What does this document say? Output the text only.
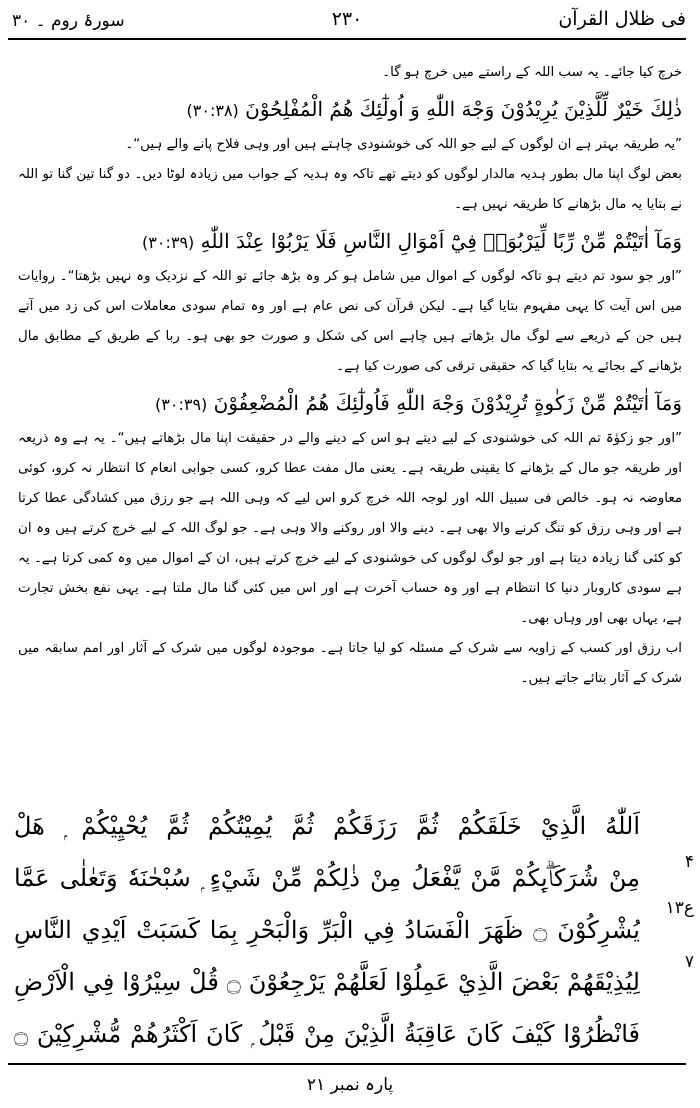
فی ظلال القرآن
۲۳۰
سورۂ روم ۔ ۳۰

خرچ کیا جائے۔ یہ سب اللہ کے راستے میں خرچ ہو گا۔

ذٰلِكَ خَيْرٌ لِّلَّذِيْنَ يُرِيْدُوْنَ وَجْهَ اللّٰهِ وَ اُولٰٓئِكَ هُمُ الْمُفْلِحُوْنَ (۳۰:۳۸)

”یہ طریقہ بہتر ہے ان لوگوں کے لیے جو اللہ کی خوشنودی چاہتے ہیں اور وہی فلاح پانے والے ہیں“۔

بعض لوگ اپنا مال بطور ہدیہ مالدار لوگوں کو دیتے تھے تاکہ وہ ہدیہ کے جواب میں زیادہ لوٹا دیں۔ دو گنا تین گنا تو اللہ نے بتایا یہ مال بڑھانے کا طریقہ نہیں ہے۔

وَمَآ اٰتَيْتُمْ مِّنْ رِّبًا لِّيَرْبُوَا۟ فِيْٓ اَمْوَالِ النَّاسِ فَلَا يَرْبُوْا عِنْدَ اللّٰهِ (۳۰:۳۹)

”اور جو سود تم دیتے ہو تاکہ لوگوں کے اموال میں شامل ہو کر وہ بڑھ جائے تو اللہ کے نزدیک وہ نہیں بڑھتا“۔ روایات میں اس آیت کا یہی مفہوم بتایا گیا ہے۔ لیکن قرآن کی نص عام ہے اور وہ تمام سودی معاملات اس کی زد میں آتے ہیں جن کے ذریعے سے لوگ مال بڑھاتے ہیں چاہے اس کی شکل و صورت جو بھی ہو۔ ربا کے طریق کے مطابق مال بڑھانے کے بجائے یہ بتایا گیا کہ حقیقی ترقی کی صورت کیا ہے۔

وَمَآ اٰتَيْتُمْ مِّنْ زَكٰوةٍ تُرِيْدُوْنَ وَجْهَ اللّٰهِ فَاُولٰٓئِكَ هُمُ الْمُضْعِفُوْنَ (۳۰:۳۹)

”اور جو زکوٰۃ تم اللہ کی خوشنودی کے لیے دیتے ہو اس کے دینے والے در حقیقت اپنا مال بڑھاتے ہیں“۔ یہ ہے وہ ذریعہ اور طریقہ جو مال کے بڑھانے کا یقینی طریقہ ہے۔ یعنی مال مفت عطا کرو، کسی جوابی انعام کا انتظار نہ کرو، کوئی معاوضہ نہ ہو۔ خالص فی سبیل اللہ اور لوجہ اللہ خرچ کرو اس لیے کہ وہی اللہ ہے جو رزق میں کشادگی عطا کرتا ہے اور وہی رزق کو تنگ کرنے والا بھی ہے۔ دینے والا اور روکنے والا وہی ہے۔ جو لوگ اللہ کے لیے خرچ کرتے ہیں وہ ان کو کئی گنا زیادہ دیتا ہے اور جو لوگ لوگوں کی خوشنودی کے لیے خرچ کرتے ہیں، ان کے اموال میں وہ کمی کرتا ہے۔ یہ ہے سودی کاروبار دنیا کا انتظام ہے اور وہ حساب آخرت ہے اور اس میں کئی گنا مال ملتا ہے۔ یہی نفع بخش تجارت ہے، یہاں بھی اور وہاں بھی۔

اب رزق اور کسب کے زاویہ سے شرک کے مسئلہ کو لیا جاتا ہے۔ موجودہ لوگوں میں شرک کے آثار اور امم سابقہ میں شرک کے آثار بتائے جاتے ہیں۔

اَللّٰهُ الَّذِيْ خَلَقَكُمْ ثُمَّ رَزَقَكُمْ ثُمَّ يُمِيْتُكُمْ ثُمَّ يُحْيِيْكُمْ ۭ هَلْ
مِنْ شُرَكَاۗىِٕكُمْ مَّنْ يَّفْعَلُ مِنْ ذٰلِكُمْ مِّنْ شَيْءٍ ۭ سُبْحٰنَهٗ وَتَعٰلٰى عَمَّا
يُشْرِكُوْنَ ۝ ظَهَرَ الْفَسَادُ فِي الْبَرِّ وَالْبَحْرِ بِمَا كَسَبَتْ اَيْدِي النَّاسِ
لِيُذِيْقَهُمْ بَعْضَ الَّذِيْ عَمِلُوْا لَعَلَّهُمْ يَرْجِعُوْنَ ۝ قُلْ سِيْرُوْا فِي الْاَرْضِ
فَانْظُرُوْا كَيْفَ كَانَ عَاقِبَةُ الَّذِيْنَ مِنْ قَبْلُ ۭ كَانَ اَكْثَرُهُمْ مُّشْرِكِيْنَ ۝
۴
ع۱۳
۷
پارہ نمبر ۲۱
